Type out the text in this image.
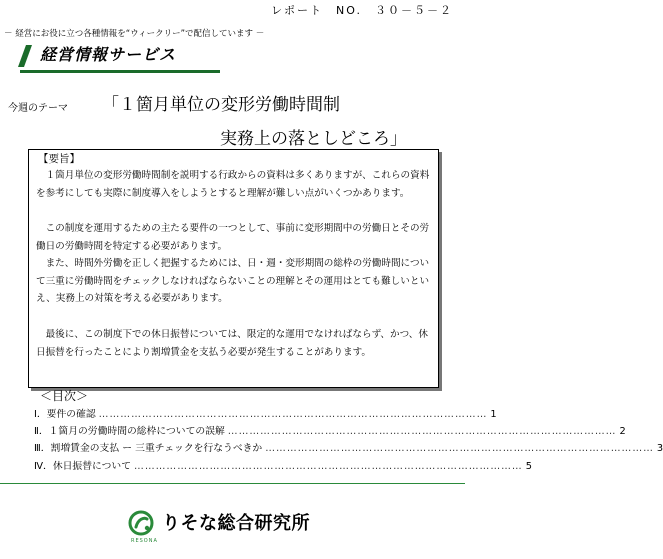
レポート　NO.　３０－５－２
－ 経営にお役に立つ各種情報を“ウィークリー”で配信しています －
経営情報サービス
今週のテーマ 「１箇月単位の変形労働時間制
実務上の落としどころ」
【要旨】
　１箇月単位の変形労働時間制を説明する行政からの資料は多くありますが、これらの資料を参考にしても実際に制度導入をしようとすると理解が難しい点がいくつかあります。
　この制度を運用するための主たる要件の一つとして、事前に変形期間中の労働日とその労働日の労働時間を特定する必要があります。
　また、時間外労働を正しく把握するためには、日・週・変形期間の総枠の労働時間について三重に労働時間をチェックしなければならないことの理解とその運用はとても難しいといえ、実務上の対策を考える必要があります。
　最後に、この制度下での休日振替については、限定的な運用でなければならず、かつ、休日振替を行ったことにより割増賃金を支払う必要が発生することがあります。
＜目次＞
Ⅰ．要件の確認 ……………………………………………………………………………………………… 1
Ⅱ．１箇月の労働時間の総枠についての誤解 ……………………………………………………………………………………………… 2
Ⅲ．割増賃金の支払 ー 三重チェックを行なうべきか ……………………………………………………………………………………………… 3
Ⅳ．休日振替について ……………………………………………………………………………………………… 5
りそな総合研究所
RESONA
